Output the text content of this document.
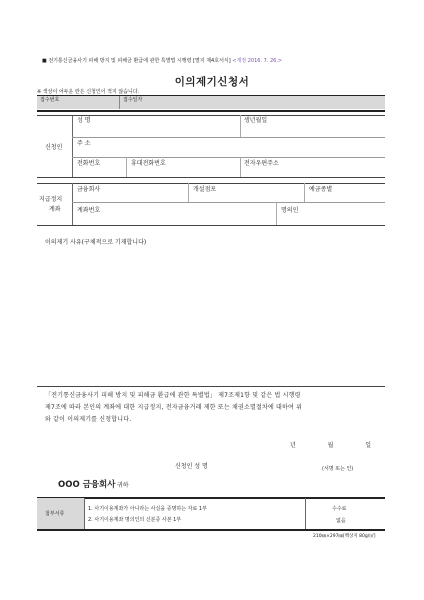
■ 전기통신금융사기 피해 방지 및 피해금 환급에 관한 특별법 시행령 [별지 제4호서식] <개정 2016. 7. 26.>
이의제기신청서
※ 색상이 어두운 란은 신청인이 적지 않습니다.
접수번호	접수일자
신청인
성 명	생년월일
주 소
전화번호	휴대전화번호	전자우편주소
지급정지
계좌
금융회사	개설점포	예금종별
계좌번호	명의인
이의제기 사유(구체적으로 기재합니다)
「전기통신금융사기 피해 방지 및 피해금 환급에 관한 특별법」 제7조제1항 및 같은 법 시행령
제7조에 따라 본인의 계좌에 대한 지급정지, 전자금융거래 제한 또는 채권소멸절차에 대하여 위
와 같이 이의제기를 신청합니다.
년	월	일
신청인 성 명	(서명 또는 인)
OOO 금융회사 귀하
첨부서류
1. 사기이용계좌가 아니라는 사실을 증명하는 자료 1부
2. 사기이용계좌 명의인의 신분증 사본 1부
수수료
없음
210㎜×297㎜[백상지 80g/㎡]
